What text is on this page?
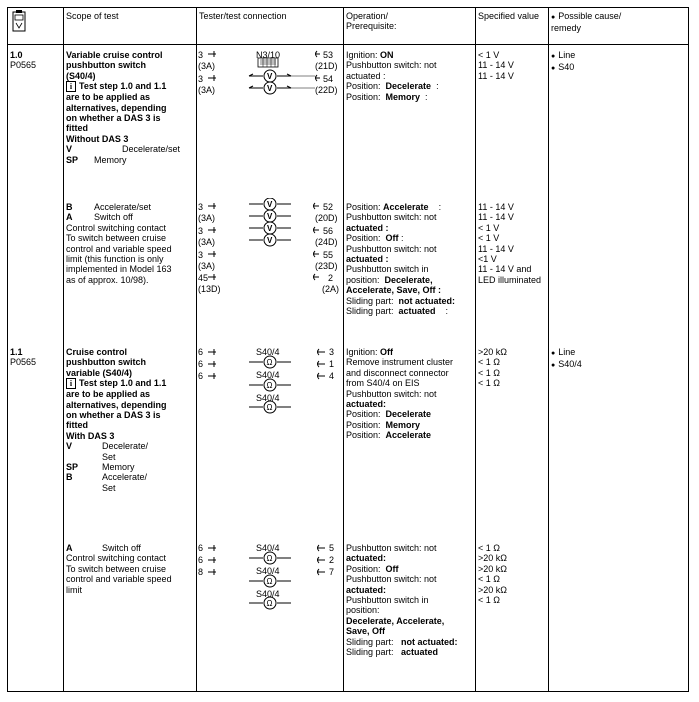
Scope of test	Tester/test connection	Operation/
Prerequisite:
Specified value
●	Possible cause/
remedy
1.0
P0565
Variable cruise control
pushbutton switch
(S40/4)
i Test step 1.0 and 1.1
are to be applied as
alternatives, depending
on whether a DAS 3 is
fitted
Without DAS 3
V	Decelerate/set
SP Memory
3
(3A)
3
(3A)
N3/10	53
(21D)
54
(22D)
V
V
Ignition: ON
Pushbutton switch: not
actuated :
Position:  Decelerate  :
Position:  Memory  :
< 1 V
11 - 14 V
11 - 14 V
● Line
● S40
B Accelerate/set
A Switch off
Control switching contact
To switch between cruise
control and variable speed
limit (this function is only
implemented in Model 163
as of approx. 10/98).
3
(3A)
3
(3A)
3
(3A)
45
(13D)
52
(20D)
56
(24D)
55
(23D)
2
(2A)
V
V
V
V
Position: Accelerate    :
Pushbutton switch: not
actuated :
Position:  Off :
Pushbutton switch: not
actuated :
Pushbutton switch in
position:  Decelerate,
Accelerate, Save, Off :
Sliding part:  not actuated:
Sliding part:  actuated    :
11 - 14 V
11 - 14 V
< 1 V
< 1 V
11 - 14 V
<1 V
11 - 14 V and
LED illuminated
1.1
P0565
Cruise control
pushbutton switch
variable (S40/4)
i Test step 1.0 and 1.1
are to be applied as
alternatives, depending
on whether a DAS 3 is
fitted
With DAS 3
V	Decelerate/
Set
SP	Memory
B	Accelerate/
Set
6
6
6
S40/4
S40/4
S40/4
3
1
4
Ω
Ω
Ω
Ignition: Off
Remove instrument cluster
and disconnect connector
from S40/4 on EIS
Pushbutton switch: not
actuated:
Position:  Decelerate
Position:  Memory
Position:  Accelerate
>20 kΩ
< 1 Ω
< 1 Ω
< 1 Ω
● Line
● S40/4
A	Switch off
Control switching contact
To switch between cruise
control and variable speed
limit
6
6
8
S40/4
S40/4
S40/4
5
2
7
Ω
Ω
Ω
Pushbutton switch: not
actuated:
Position:  Off
Pushbutton switch: not
actuated:
Pushbutton switch in
position:
Decelerate, Accelerate,
Save, Off
Sliding part:   not actuated:
Sliding part:   actuated
< 1 Ω
>20 kΩ
>20 kΩ
< 1 Ω
>20 kΩ
< 1 Ω
